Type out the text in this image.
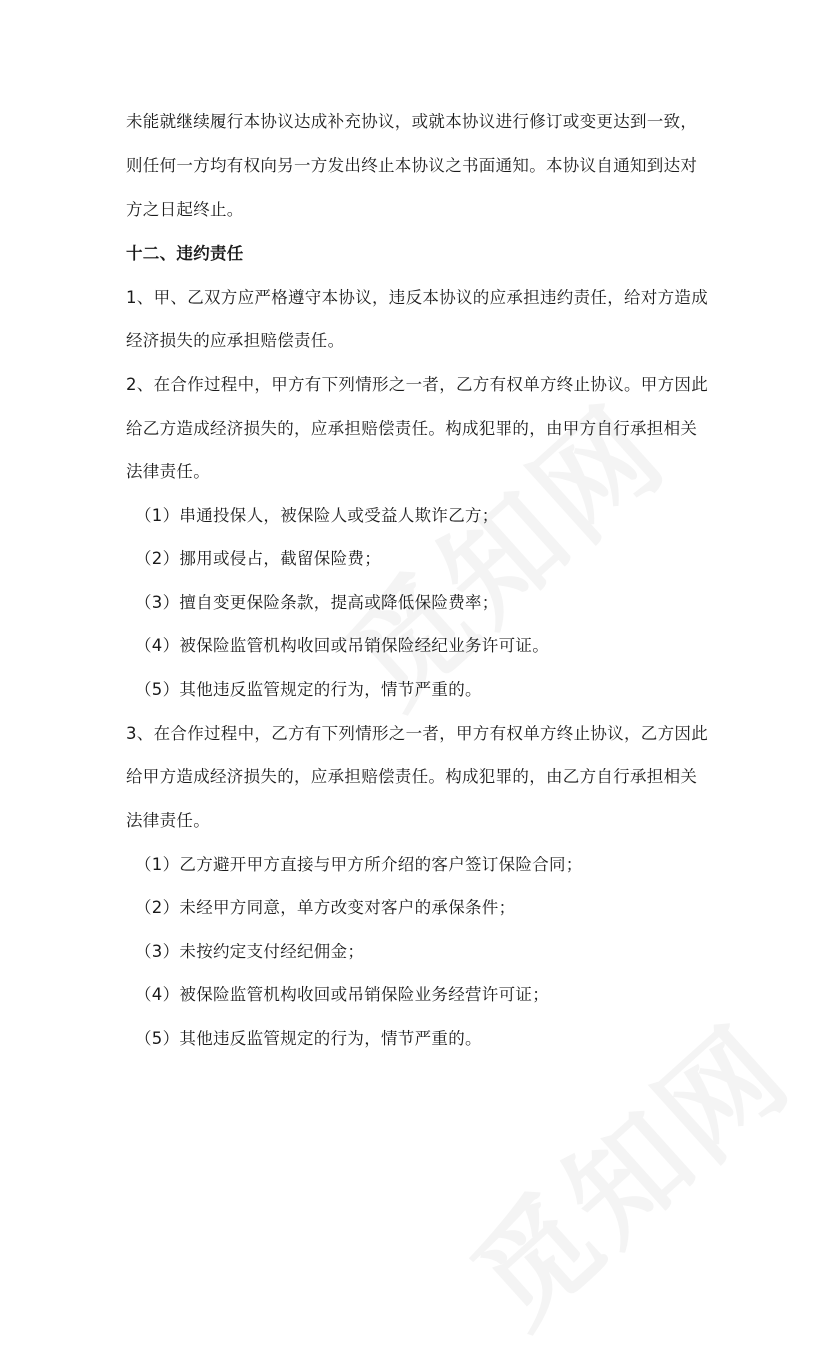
未能就继续履行本协议达成补充协议，或就本协议进行修订或变更达到一致，
则任何一方均有权向另一方发出终止本协议之书面通知。本协议自通知到达对
方之日起终止。
十二、违约责任
1、甲、乙双方应严格遵守本协议，违反本协议的应承担违约责任，给对方造成
经济损失的应承担赔偿责任。
2、在合作过程中，甲方有下列情形之一者，乙方有权单方终止协议。甲方因此
给乙方造成经济损失的，应承担赔偿责任。构成犯罪的，由甲方自行承担相关
法律责任。
（1）串通投保人，被保险人或受益人欺诈乙方；
（2）挪用或侵占，截留保险费；
（3）擅自变更保险条款，提高或降低保险费率；
（4）被保险监管机构收回或吊销保险经纪业务许可证。
（5）其他违反监管规定的行为，情节严重的。
3、在合作过程中，乙方有下列情形之一者，甲方有权单方终止协议，乙方因此
给甲方造成经济损失的，应承担赔偿责任。构成犯罪的，由乙方自行承担相关
法律责任。
（1）乙方避开甲方直接与甲方所介绍的客户签订保险合同；
（2）未经甲方同意，单方改变对客户的承保条件；
（3）未按约定支付经纪佣金；
（4）被保险监管机构收回或吊销保险业务经营许可证；
（5）其他违反监管规定的行为，情节严重的。
